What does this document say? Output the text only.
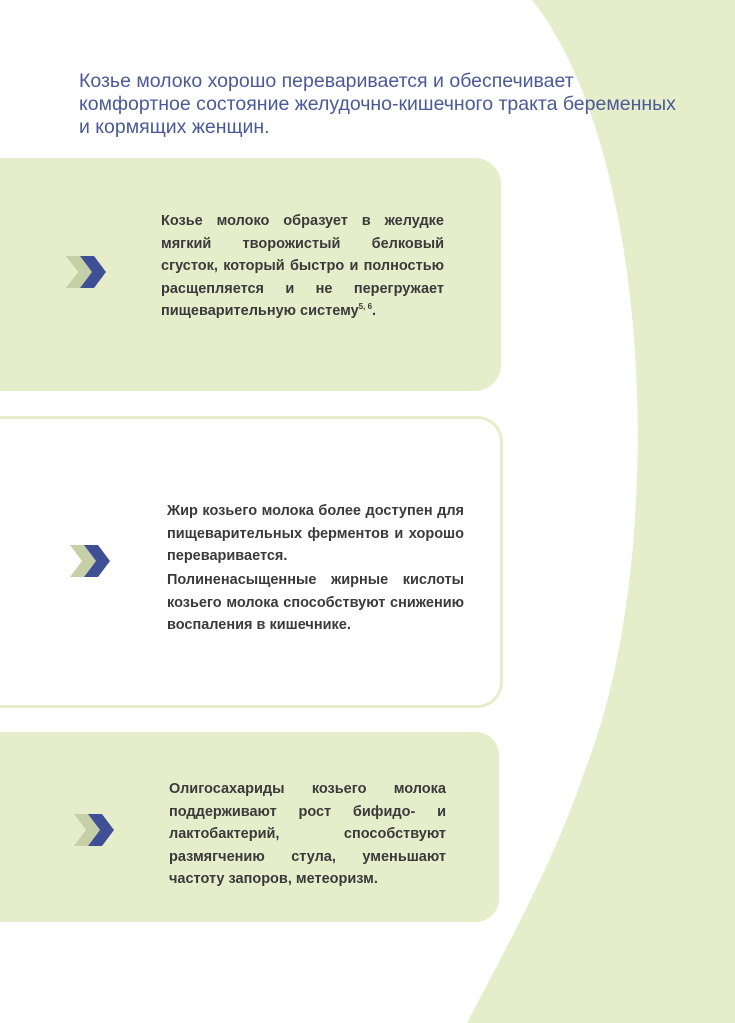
Козье молоко хорошо переваривается и обеспечивает комфортное состояние желудочно-кишечного тракта беременных и кормящих женщин.

Козье молоко образует в желудке мягкий творожистый белковый сгусток, который быстро и полностью расщепляется и не перегружает пищеварительную систему$^{5, 6}$.

Жир козьего молока более доступен для пищеварительных ферментов и хорошо переваривается.

Полиненасыщенные жирные кислоты козьего молока способствуют снижению воспаления в кишечнике.

Олигосахариды козьего молока поддерживают рост бифидо- и лактобактерий, способствуют размягчению стула, уменьшают частоту запоров, метеоризм.
